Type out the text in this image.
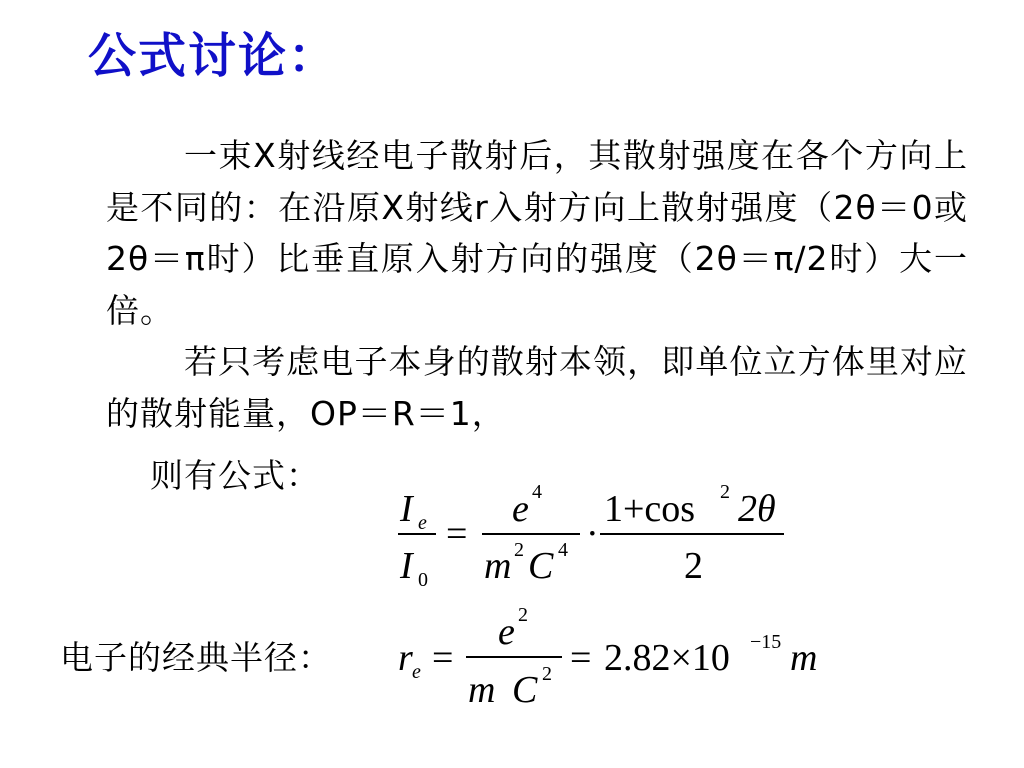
公式讨论：

一束X射线经电子散射后，其散射强度在各个方向上是不同的：在沿原X射线r入射方向上散射强度（2θ＝0或2θ＝π时）比垂直原入射方向的强度（2θ＝π/2时）大一倍。

若只考虑电子本身的散射本领，即单位立方体里对应的散射能量，OP＝R＝1，

则有公式：
I e
I 0
=
e 4
m 2 C 4 ·
1+cos 2 2θ
2
r e =
e 2
m C 2 = 2.82×10 −15 m
电子的经典半径：
